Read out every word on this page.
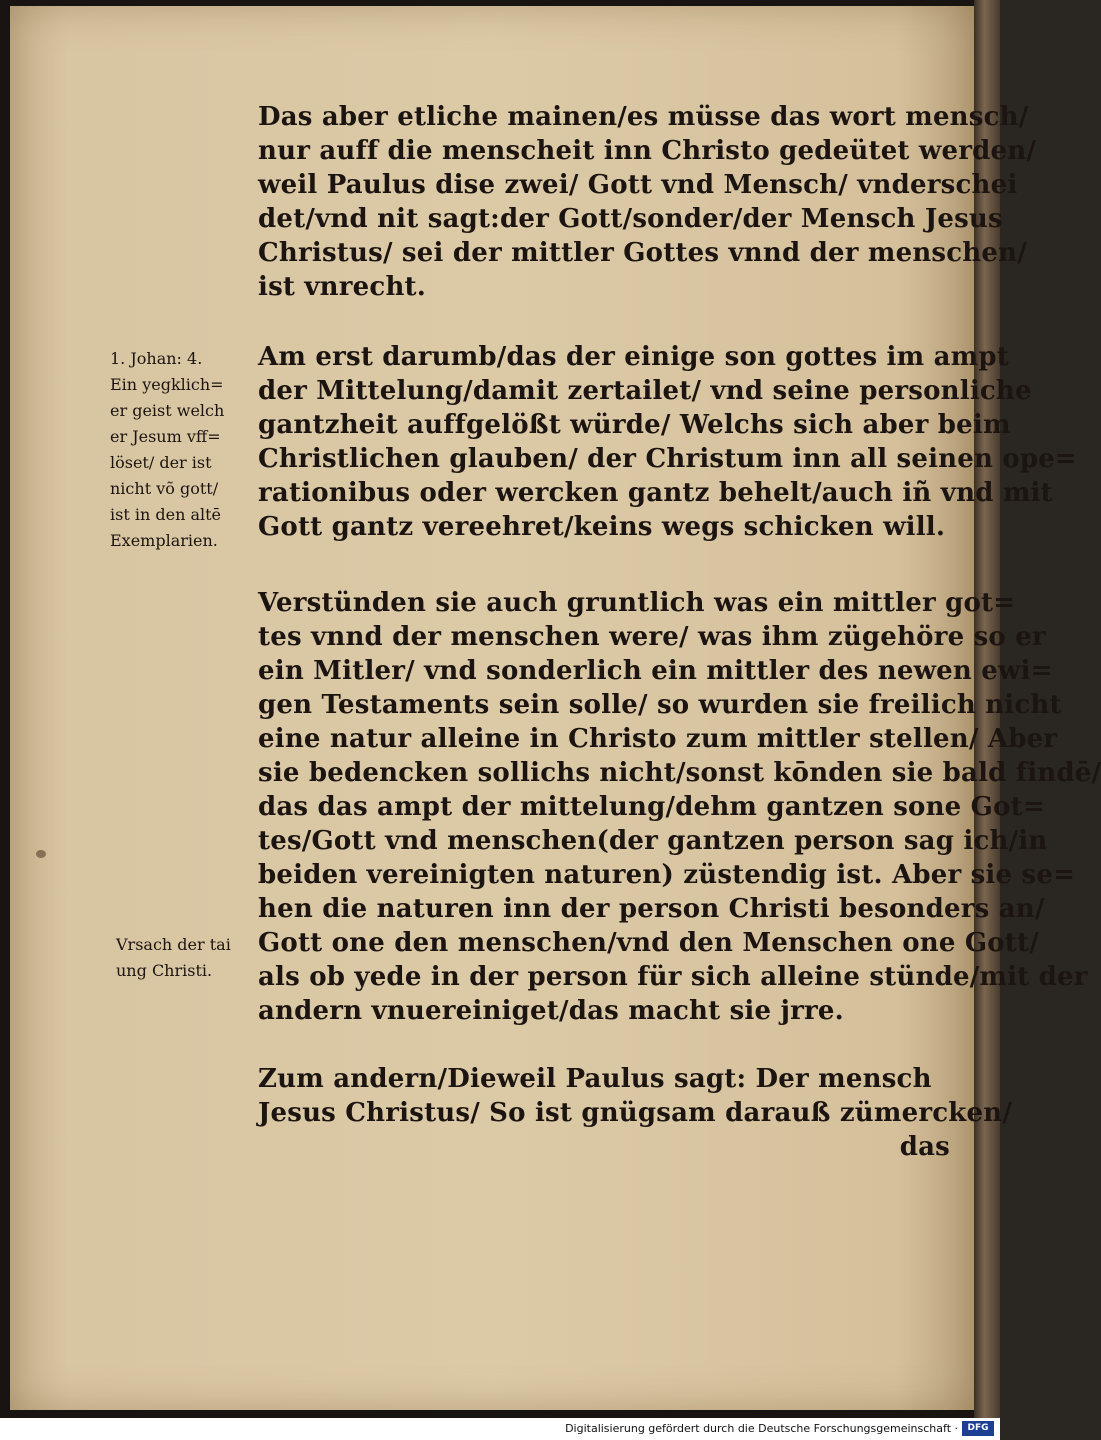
1. Johan: 4.
Ein yegklich=
er geist welch
er Jesum vff=
löset/ der ist
nicht võ gott/
ist in den altē
Exemplarien.
Vrsach der tai
ung Christi.
Das aber etliche mainen/es müsse das wort mensch/
nur auff die menscheit inn Christo gedeütet werden/
weil Paulus dise zwei/ Gott vnd Mensch/ vnderschei
det/vnd nit sagt:der Gott/sonder/der Mensch Jesus
Christus/ sei der mittler Gottes vnnd der menschen/
ist vnrecht.
Am erst darumb/das der einige son gottes im ampt
der Mittelung/damit zertailet/ vnd seine personliche
gantzheit auffgelößt würde/ Welchs sich aber beim
Christlichen glauben/ der Christum inn all seinen ope=
rationibus oder wercken gantz behelt/auch iñ vnd mit
Gott gantz vereehret/keins wegs schicken will.
Verstünden sie auch gruntlich was ein mittler got=
tes vnnd der menschen were/ was ihm zügehöre so er
ein Mitler/ vnd sonderlich ein mittler des newen ewi=
gen Testaments sein solle/ so wurden sie freilich nicht
eine natur alleine in Christo zum mittler stellen/ Aber
sie bedencken sollichs nicht/sonst kōnden sie bald findē/
das das ampt der mittelung/dehm gantzen sone Got=
tes/Gott vnd menschen(der gantzen person sag ich/in
beiden vereinigten naturen) züstendig ist. Aber sie se=
hen die naturen inn der person Christi besonders an/
Gott one den menschen/vnd den Menschen one Gott/
als ob yede in der person für sich alleine stünde/mit der
andern vnuereiniget/das macht sie jrre.
Zum andern/Dieweil Paulus sagt: Der mensch
Jesus Christus/ So ist gnügsam darauß zümercken/
das
Digitalisierung gefördert durch die Deutsche Forschungsgemeinschaft ·	DFG
